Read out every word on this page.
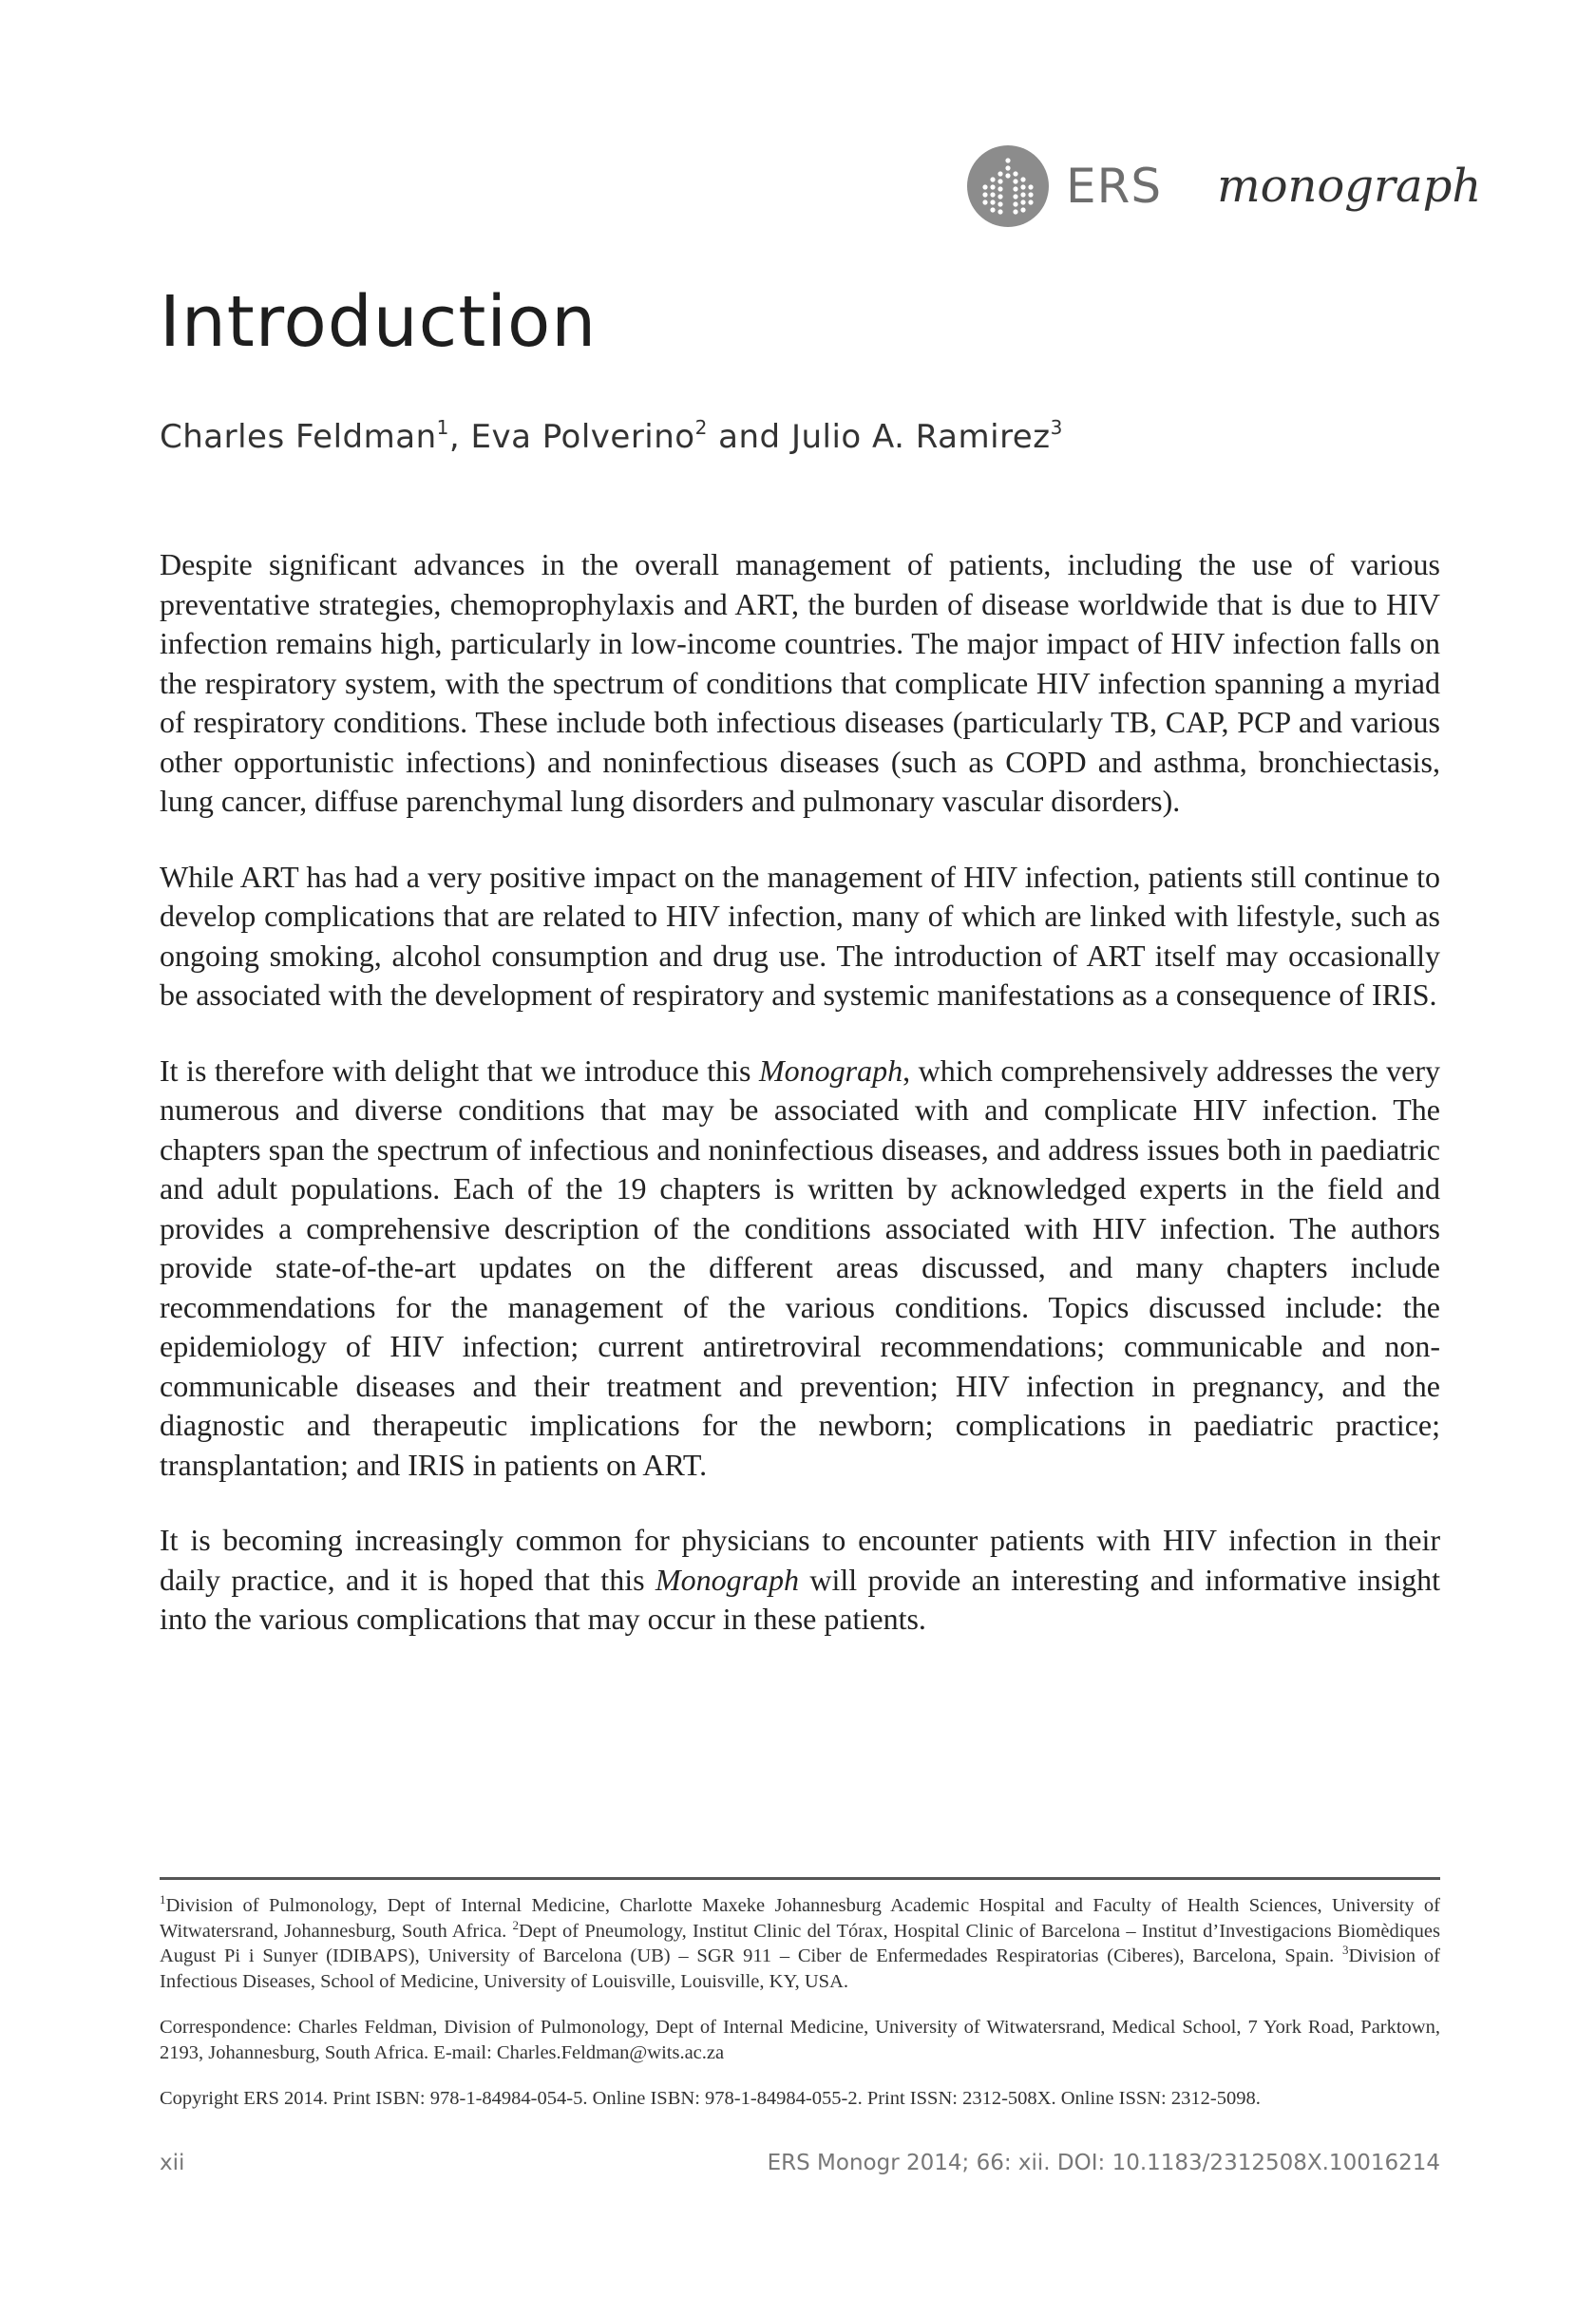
ERS monograph
Introduction
Charles Feldman$^1$, Eva Polverino$^2$ and Julio A. Ramirez$^3$

Despite significant advances in the overall management of patients, including the use of various preventative strategies, chemoprophylaxis and ART, the burden of disease worldwide that is due to HIV infection remains high, particularly in low-income countries. The major impact of HIV infection falls on the respiratory system, with the spectrum of conditions that complicate HIV infection spanning a myriad of respiratory conditions. These include both infectious diseases (particularly TB, CAP, PCP and various other opportunistic infections) and noninfectious diseases (such as COPD and asthma, bronchiectasis, lung cancer, diffuse parenchymal lung disorders and pulmonary vascular disorders).

While ART has had a very positive impact on the management of HIV infection, patients still continue to develop complications that are related to HIV infection, many of which are linked with lifestyle, such as ongoing smoking, alcohol consumption and drug use. The introduction of ART itself may occasionally be associated with the development of respiratory and systemic manifestations as a consequence of IRIS.

It is therefore with delight that we introduce this Monograph, which comprehensively addresses the very numerous and diverse conditions that may be associated with and complicate HIV infection. The chapters span the spectrum of infectious and noninfectious diseases, and address issues both in paediatric and adult populations. Each of the 19 chapters is written by acknowledged experts in the field and provides a comprehensive description of the conditions associated with HIV infection. The authors provide state-of-the-art updates on the different areas discussed, and many chapters include recommendations for the management of the various conditions. Topics discussed include: the epidemiology of HIV infection; current antiretroviral recommendations; communicable and non-communicable diseases and their treatment and prevention; HIV infection in pregnancy, and the diagnostic and therapeutic implications for the newborn; complications in paediatric practice; transplantation; and IRIS in patients on ART.

It is becoming increasingly common for physicians to encounter patients with HIV infection in their daily practice, and it is hoped that this Monograph will provide an interesting and informative insight into the various complications that may occur in these patients.

$^1$Division of Pulmonology, Dept of Internal Medicine, Charlotte Maxeke Johannesburg Academic Hospital and Faculty of Health Sciences, University of Witwatersrand, Johannesburg, South Africa. $^2$Dept of Pneumology, Institut Clinic del Tórax, Hospital Clinic of Barcelona – Institut d’Investigacions Biomèdiques August Pi i Sunyer (IDIBAPS), University of Barcelona (UB) – SGR 911 – Ciber de Enfermedades Respiratorias (Ciberes), Barcelona, Spain. $^3$Division of Infectious Diseases, School of Medicine, University of Louisville, Louisville, KY, USA.

Correspondence: Charles Feldman, Division of Pulmonology, Dept of Internal Medicine, University of Witwatersrand, Medical School, 7 York Road, Parktown, 2193, Johannesburg, South Africa. E-mail: Charles.Feldman@wits.ac.za

Copyright ERS 2014. Print ISBN: 978-1-84984-054-5. Online ISBN: 978-1-84984-055-2. Print ISSN: 2312-508X. Online ISSN: 2312-5098.

xii	ERS Monogr 2014; 66: xii. DOI: 10.1183/2312508X.10016214
